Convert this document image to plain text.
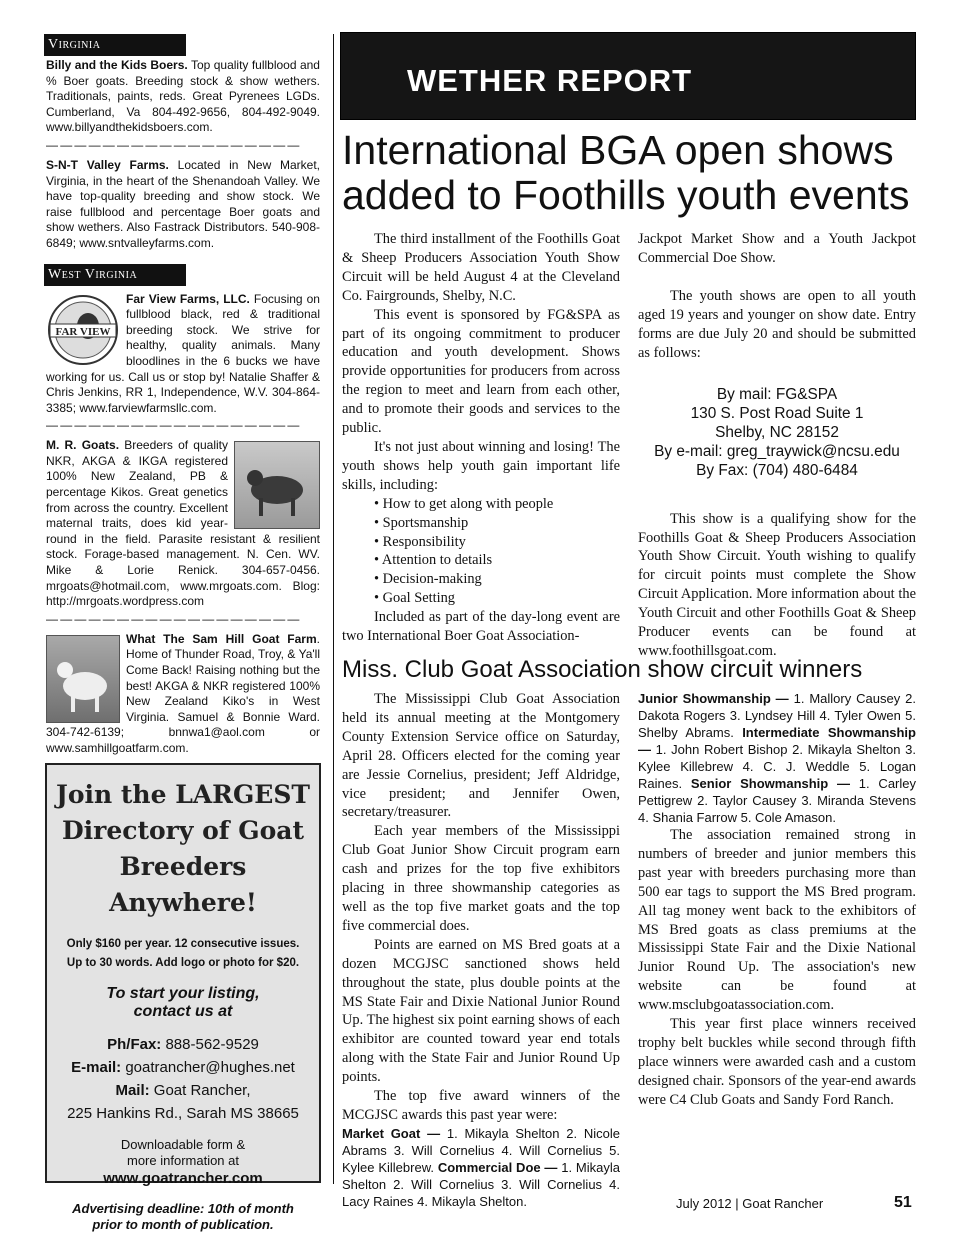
Virginia
Billy and the Kids Boers. Top quality fullblood and % Boer goats. Breeding stock & show wethers. Traditionals, paints, reds. Great Pyrenees LGDs. Cumberland, Va 804-492-9656, 804-492-9049. www.billyandthekidsboers.com.
——————————————————
S-N-T Valley Farms. Located in New Market, Virginia, in the heart of the Shenandoah Valley. We have top-quality breeding and show stock. We raise fullblood and percentage Boer goats and show wethers. Also Fastrack Distributors. 540-908-6849; www.sntvalleyfarms.com.
West Virginia
FAR VIEW
Far View Farms, LLC. Focusing on fullblood black, red & traditional breeding stock. We strive for healthy, quality animals. Many bloodlines in the 6 bucks we have working for us. Call us or stop by! Natalie Shaffer & Chris Jenkins, RR 1, Independence, W.V. 304-864-3385; www.farviewfarmsllc.com.
——————————————————
M. R. Goats. Breeders of quality NKR, AKGA & IKGA registered 100% New Zealand, PB & percentage Kikos. Great genetics from across the country. Excellent maternal traits, does kid year-round in the field. Parasite resistant & resilient stock. Forage-based management. N. Cen. WV. Mike & Lorie Renick. 304-657-0456. mrgoats@hotmail.com, www.mrgoats.com. Blog: http://mrgoats.wordpress.com
——————————————————
What The Sam Hill Goat Farm. Home of Thunder Road, Troy, & Ya'll Come Back! Raising nothing but the best! AKGA & NKR registered 100% New Zealand Kiko's in West Virginia. Samuel & Bonnie Ward. 304-742-6139; bnnwa1@aol.com or www.samhillgoatfarm.com.
Join the LARGEST
Directory of Goat
Breeders Anywhere!
Only $160 per year. 12 consecutive issues.
Up to 30 words. Add logo or photo for $20.
To start your listing,
contact us at
Ph/Fax: 888-562-9529
E-mail: goatrancher@hughes.net
Mail: Goat Rancher,
225 Hankins Rd., Sarah MS 38665
Downloadable form &
more information at
www.goatrancher.com
Advertising deadline: 10th of month
prior to month of publication.
WETHER REPORT
International BGA open shows added to Foothills youth events

The third installment of the Foothills Goat & Sheep Producers Association Youth Show Circuit will be held August 4 at the Cleveland Co. Fairgrounds, Shelby, N.C.

This event is sponsored by FG&SPA as part of its ongoing commitment to producer education and youth development. Shows provide opportunities for producers from across the region to meet and learn from each other, and to promote their goods and services to the public.

It's not just about winning and losing! The youth shows help youth gain important life skills, including:

• How to get along with people
• Sportsmanship
• Responsibility
• Attention to details
• Decision-making
• Goal Setting

Included as part of the day-long event are two International Boer Goat Association-

Jackpot Market Show and a Youth Jackpot Commercial Doe Show.

The youth shows are open to all youth aged 19 years and younger on show date. Entry forms are due July 20 and should be submitted as follows:

By mail: FG&SPA
130 S. Post Road Suite 1
Shelby, NC 28152
By e-mail: greg_traywick@ncsu.edu
By Fax: (704) 480-6484

This show is a qualifying show for the Foothills Goat & Sheep Producers Association Youth Show Circuit. Youth wishing to qualify for circuit points must complete the Show Circuit Application. More information about the Youth Circuit and other Foothills Goat & Sheep Producer events can be found at www.foothillsgoat.com.

Miss. Club Goat Association show circuit winners

The Mississippi Club Goat Association held its annual meeting at the Montgomery County Extension Service office on Saturday, April 28. Officers elected for the coming year are Jessie Cornelius, president; Jeff Aldridge, vice president; and Jennifer Owen, secretary/treasurer.

Each year members of the Mississippi Club Goat Junior Show Circuit program earn cash and prizes for the top five exhibitors placing in three showmanship categories as well as the top five market goats and the top five commercial does.

Points are earned on MS Bred goats at a dozen MCGJSC sanctioned shows held throughout the state, plus double points at the MS State Fair and Dixie National Junior Round Up. The highest six point earning shows of each exhibitor are counted toward year end totals along with the State Fair and Junior Round Up points.

The top five award winners of the MCGJSC awards this past year were:

Market Goat — 1. Mikayla Shelton 2. Nicole Abrams 3. Will Cornelius 4. Will Cornelius 5. Kylee Killebrew. Commercial Doe — 1. Mikayla Shelton 2. Will Cornelius 3. Will Cornelius 4. Lacy Raines 4. Mikayla Shelton.
Junior Showmanship — 1. Mallory Causey 2. Dakota Rogers 3. Lyndsey Hill 4. Tyler Owen 5. Shelby Abrams. Intermediate Showmanship — 1. John Robert Bishop 2. Mikayla Shelton 3. Kylee Killebrew 4. C. J. Weddle 5. Logan Raines. Senior Showmanship — 1. Carley Pettigrew 2. Taylor Causey 3. Miranda Stevens 4. Shania Farrow 5. Cole Amason.

The association remained strong in numbers of breeder and junior members this past year with breeders purchasing more than 500 ear tags to support the MS Bred program. All tag money went back to the exhibitors of MS Bred goats as class premiums at the Mississippi State Fair and the Dixie National Junior Round Up. The association's new website can be found at www.msclubgoatassociation.com.

This year first place winners received trophy belt buckles while second through fifth place winners were awarded cash and a custom designed chair. Sponsors of the year-end awards were C4 Club Goats and Sandy Ford Ranch.

July 2012 | Goat Rancher	51
